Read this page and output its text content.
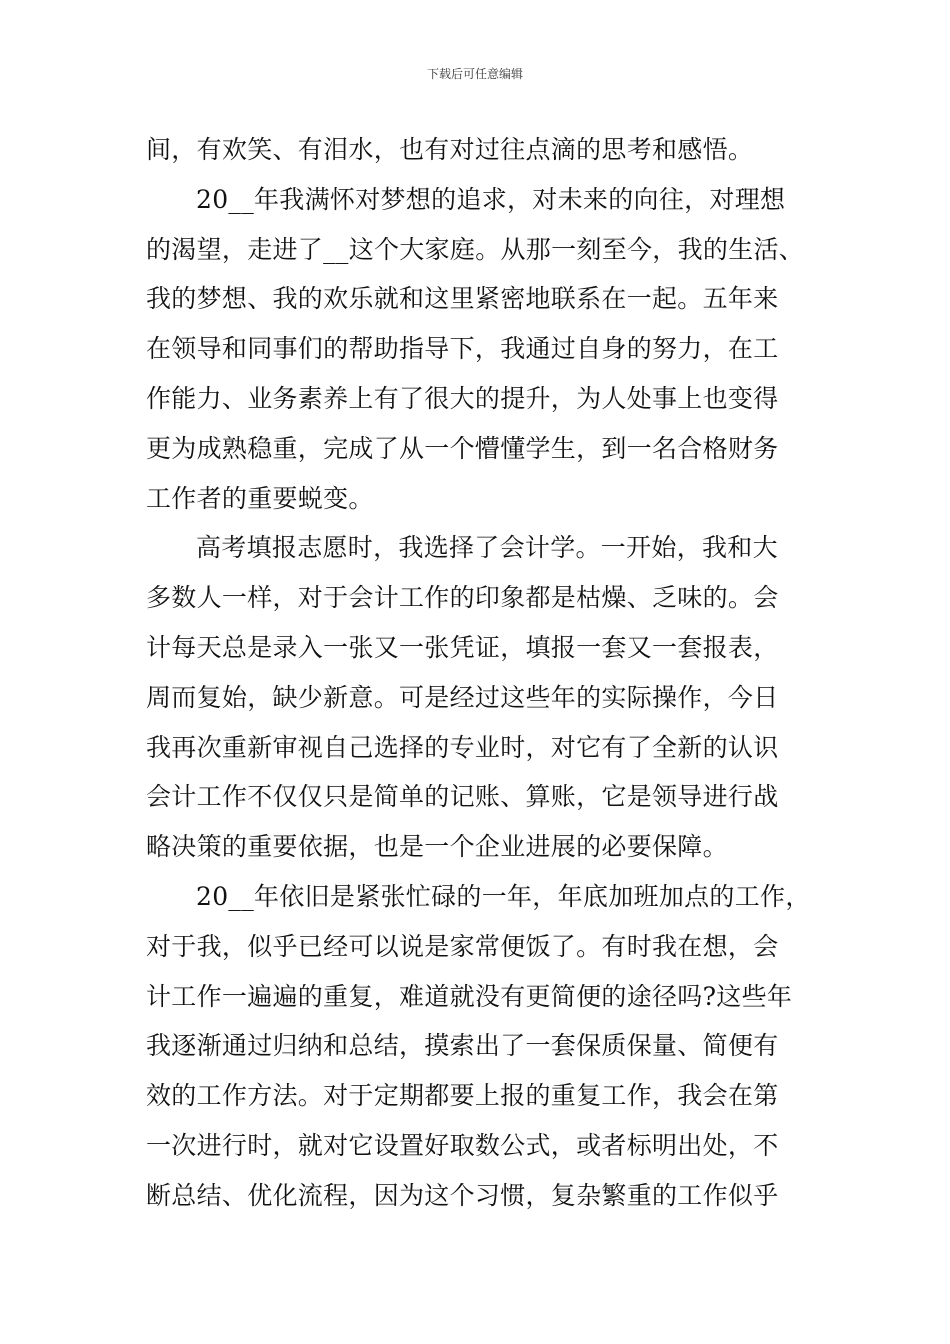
下载后可任意编辑
间，有欢笑、有泪水，也有对过往点滴的思考和感悟。
20__年我满怀对梦想的追求，对未来的向往，对理想
的渴望，走进了__这个大家庭。从那一刻至今，我的生活、
我的梦想、我的欢乐就和这里紧密地联系在一起。五年来
在领导和同事们的帮助指导下，我通过自身的努力，在工
作能力、业务素养上有了很大的提升，为人处事上也变得
更为成熟稳重，完成了从一个懵懂学生，到一名合格财务
工作者的重要蜕变。
高考填报志愿时，我选择了会计学。一开始，我和大
多数人一样，对于会计工作的印象都是枯燥、乏味的。会
计每天总是录入一张又一张凭证，填报一套又一套报表，
周而复始，缺少新意。可是经过这些年的实际操作，今日
我再次重新审视自己选择的专业时，对它有了全新的认识
会计工作不仅仅只是简单的记账、算账，它是领导进行战
略决策的重要依据，也是一个企业进展的必要保障。
20__年依旧是紧张忙碌的一年，年底加班加点的工作，
对于我，似乎已经可以说是家常便饭了。有时我在想，会
计工作一遍遍的重复，难道就没有更简便的途径吗?这些年
我逐渐通过归纳和总结，摸索出了一套保质保量、简便有
效的工作方法。对于定期都要上报的重复工作，我会在第
一次进行时，就对它设置好取数公式，或者标明出处，不
断总结、优化流程，因为这个习惯，复杂繁重的工作似乎
